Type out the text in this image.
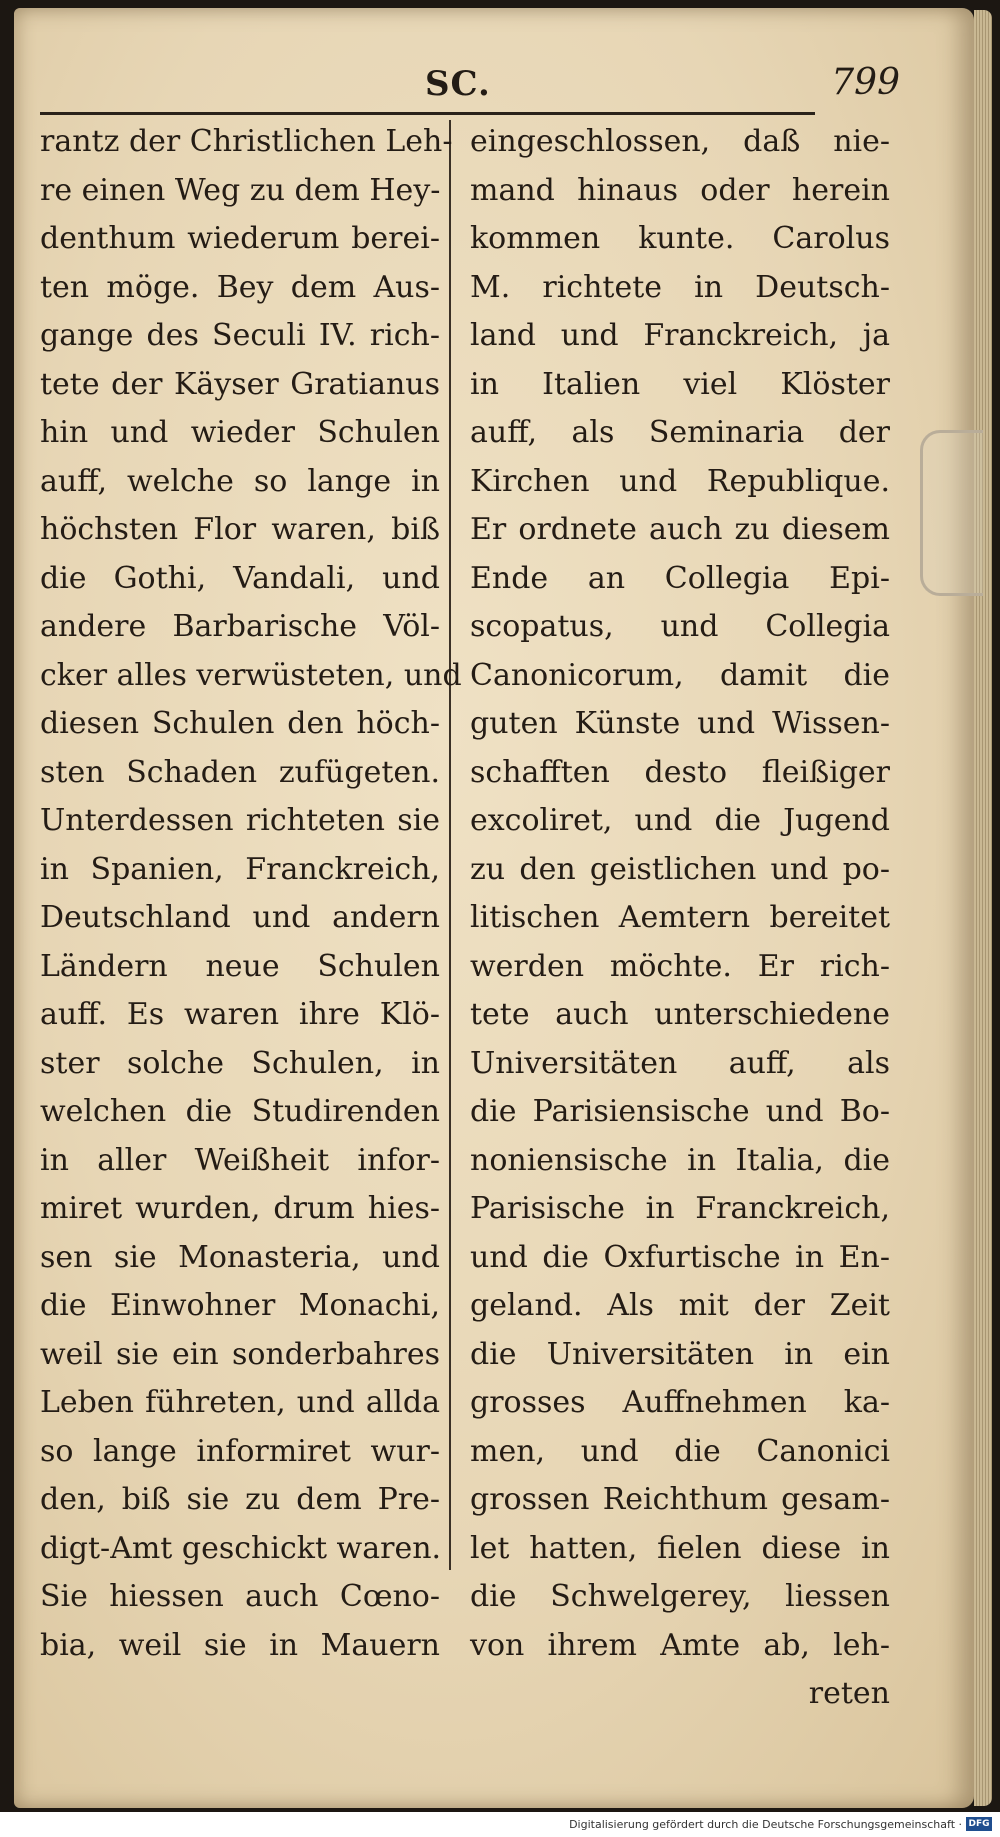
SC.	799
rantz der Christlichen Leh-
re einen Weg zu dem Hey-
denthum wiederum berei-
ten möge. Bey dem Aus-
gange des Seculi IV. rich-
tete der Käyser Gratianus
hin und wieder Schulen
auff, welche so lange in
höchsten Flor waren, biß
die Gothi, Vandali, und
andere Barbarische Völ-
cker alles verwüsteten, und
diesen Schulen den höch-
sten Schaden zufügeten.
Unterdessen richteten sie
in Spanien, Franckreich,
Deutschland und andern
Ländern neue Schulen
auff. Es waren ihre Klö-
ster solche Schulen, in
welchen die Studirenden
in aller Weißheit infor-
miret wurden, drum hies-
sen sie Monasteria, und
die Einwohner Monachi,
weil sie ein sonderbahres
Leben führeten, und allda
so lange informiret wur-
den, biß sie zu dem Pre-
digt-Amt geschickt waren.
Sie hiessen auch Cœno-
bia, weil sie in Mauern
eingeschlossen, daß nie-
mand hinaus oder herein
kommen kunte. Carolus
M. richtete in Deutsch-
land und Franckreich, ja
in Italien viel Klöster
auff, als Seminaria der
Kirchen und Republique.
Er ordnete auch zu diesem
Ende an Collegia Epi-
scopatus, und Collegia
Canonicorum, damit die
guten Künste und Wissen-
schafften desto fleißiger
excoliret, und die Jugend
zu den geistlichen und po-
litischen Aemtern bereitet
werden möchte. Er rich-
tete auch unterschiedene
Universitäten auff, als
die Parisiensische und Bo-
noniensische in Italia, die
Parisische in Franckreich,
und die Oxfurtische in En-
geland. Als mit der Zeit
die Universitäten in ein
grosses Auffnehmen ka-
men, und die Canonici
grossen Reichthum gesam-
let hatten, fielen diese in
die Schwelgerey, liessen
von ihrem Amte ab, leh-
reten
Digitalisierung gefördert durch die Deutsche Forschungsgemeinschaft · DFG
